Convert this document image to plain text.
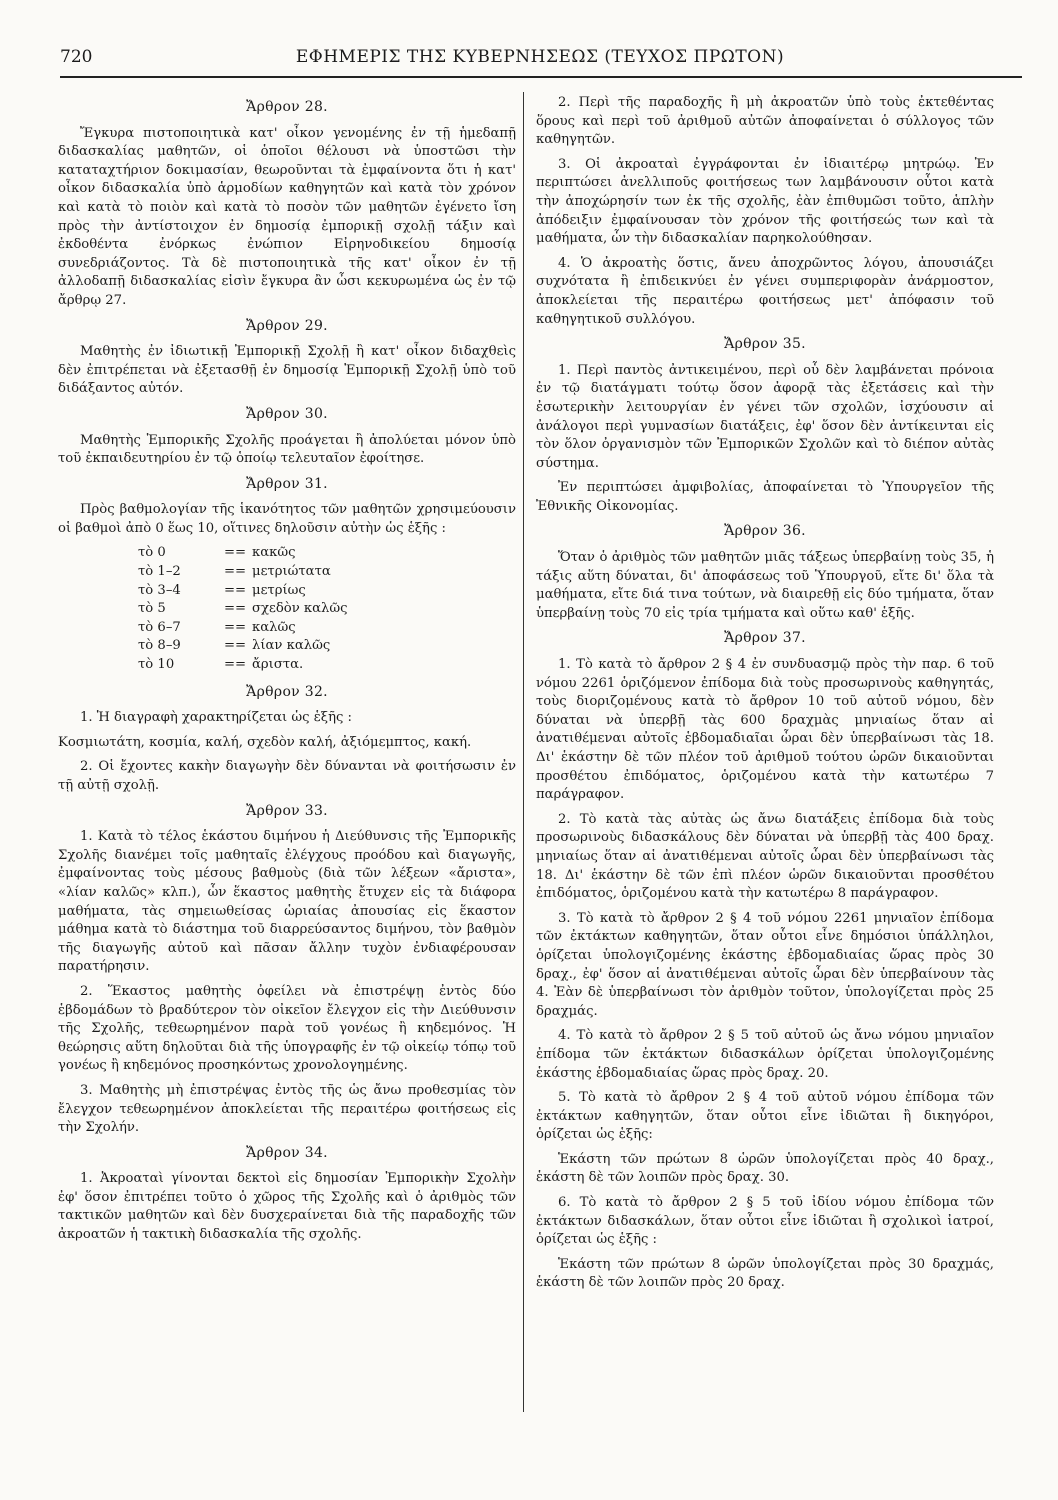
720	ΕΦΗΜΕΡΙΣ ΤΗΣ ΚΥΒΕΡΝΗΣΕΩΣ (ΤΕΥΧΟΣ ΠΡΩΤΟΝ)
Ἄρθρον 28.

Ἔγκυρα πιστοποιητικὰ κατ' οἶκον γενομένης ἐν τῇ ἡμεδαπῇ διδασκαλίας μαθητῶν, οἱ ὁποῖοι θέλουσι νὰ ὑποστῶσι τὴν καταταχτήριον δοκιμασίαν, θεωροῦνται τὰ ἐμφαίνοντα ὅτι ἡ κατ' οἶκον διδασκαλία ὑπὸ ἁρμοδίων καθηγητῶν καὶ κατὰ τὸν χρόνον καὶ κατὰ τὸ ποιὸν καὶ κατὰ τὸ ποσὸν τῶν μαθητῶν ἐγένετο ἴση πρὸς τὴν ἀντίστοιχον ἐν δημοσίᾳ ἐμπορικῇ σχολῇ τάξιν καὶ ἐκδοθέντα ἐνόρκως ἐνώπιον Εἰρηνοδικείου δημοσίᾳ συνεδριάζοντος. Τὰ δὲ πιστοποιητικὰ τῆς κατ' οἶκον ἐν τῇ ἀλλοδαπῇ διδασκαλίας εἰσὶν ἔγκυρα ἂν ὦσι κεκυρωμένα ὡς ἐν τῷ ἄρθρῳ 27.

Ἄρθρον 29.

Μαθητὴς ἐν ἰδιωτικῇ Ἐμπορικῇ Σχολῇ ἢ κατ' οἶκον διδαχθεὶς δὲν ἐπιτρέπεται νὰ ἐξετασθῇ ἐν δημοσίᾳ Ἐμπορικῇ Σχολῇ ὑπὸ τοῦ διδάξαντος αὐτόν.

Ἄρθρον 30.

Μαθητὴς Ἐμπορικῆς Σχολῆς προάγεται ἢ ἀπολύεται μόνον ὑπὸ τοῦ ἐκπαιδευτηρίου ἐν τῷ ὁποίῳ τελευταῖον ἐφοίτησε.

Ἄρθρον 31.

Πρὸς βαθμολογίαν τῆς ἱκανότητος τῶν μαθητῶν χρησιμεύουσιν οἱ βαθμοὶ ἀπὸ 0 ἕως 10, οἵτινες δηλοῦσιν αὐτὴν ὡς ἑξῆς :

τὸ 0	== κακῶς
τὸ 1–2	== μετριώτατα
τὸ 3–4	== μετρίως
τὸ 5	== σχεδὸν καλῶς
τὸ 6–7	== καλῶς
τὸ 8–9	== λίαν καλῶς
τὸ 10	== ἄριστα.
Ἄρθρον 32.

1. Ἡ διαγραφὴ χαρακτηρίζεται ὡς ἑξῆς :

Κοσμιωτάτη, κοσμία, καλή, σχεδὸν καλή, ἀξιόμεμπτος, κακή.

2. Οἱ ἔχοντες κακὴν διαγωγὴν δὲν δύνανται νὰ φοιτήσωσιν ἐν τῇ αὐτῇ σχολῇ.

Ἄρθρον 33.

1. Κατὰ τὸ τέλος ἑκάστου διμήνου ἡ Διεύθυνσις τῆς Ἐμπορικῆς Σχολῆς διανέμει τοῖς μαθηταῖς ἐλέγχους προόδου καὶ διαγωγῆς, ἐμφαίνοντας τοὺς μέσους βαθμοὺς (διὰ τῶν λέξεων «ἄριστα», «λίαν καλῶς» κλπ.), ὧν ἕκαστος μαθητὴς ἔτυχεν εἰς τὰ διάφορα μαθήματα, τὰς σημειωθείσας ὡριαίας ἀπουσίας εἰς ἕκαστον μάθημα κατὰ τὸ διάστημα τοῦ διαρρεύσαντος διμήνου, τὸν βαθμὸν τῆς διαγωγῆς αὐτοῦ καὶ πᾶσαν ἄλλην τυχὸν ἐνδιαφέρουσαν παρατήρησιν.

2. Ἕκαστος μαθητὴς ὀφείλει νὰ ἐπιστρέψῃ ἐντὸς δύο ἑβδομάδων τὸ βραδύτερον τὸν οἰκεῖον ἔλεγχον εἰς τὴν Διεύθυνσιν τῆς Σχολῆς, τεθεωρημένον παρὰ τοῦ γονέως ἢ κηδεμόνος. Ἡ θεώρησις αὕτη δηλοῦται διὰ τῆς ὑπογραφῆς ἐν τῷ οἰκείῳ τόπῳ τοῦ γονέως ἢ κηδεμόνος προσηκόντως χρονολογημένης.

3. Μαθητὴς μὴ ἐπιστρέψας ἐντὸς τῆς ὡς ἄνω προθεσμίας τὸν ἔλεγχον τεθεωρημένον ἀποκλείεται τῆς περαιτέρω φοιτήσεως εἰς τὴν Σχολήν.

Ἄρθρον 34.

1. Ἀκροαταὶ γίνονται δεκτοὶ εἰς δημοσίαν Ἐμπορικὴν Σχολὴν ἐφ' ὅσον ἐπιτρέπει τοῦτο ὁ χῶρος τῆς Σχολῆς καὶ ὁ ἀριθμὸς τῶν τακτικῶν μαθητῶν καὶ δὲν δυσχεραίνεται διὰ τῆς παραδοχῆς τῶν ἀκροατῶν ἡ τακτικὴ διδασκαλία τῆς σχολῆς.

2. Περὶ τῆς παραδοχῆς ἢ μὴ ἀκροατῶν ὑπὸ τοὺς ἐκτεθέντας ὅρους καὶ περὶ τοῦ ἀριθμοῦ αὐτῶν ἀποφαίνεται ὁ σύλλογος τῶν καθηγητῶν.

3. Οἱ ἀκροαταὶ ἐγγράφονται ἐν ἰδιαιτέρῳ μητρώῳ. Ἐν περιπτώσει ἀνελλιποῦς φοιτήσεως των λαμβάνουσιν οὗτοι κατὰ τὴν ἀποχώρησίν των ἐκ τῆς σχολῆς, ἐὰν ἐπιθυμῶσι τοῦτο, ἁπλὴν ἀπόδειξιν ἐμφαίνουσαν τὸν χρόνον τῆς φοιτήσεώς των καὶ τὰ μαθήματα, ὧν τὴν διδασκαλίαν παρηκολούθησαν.

4. Ὁ ἀκροατὴς ὅστις, ἄνευ ἀποχρῶντος λόγου, ἀπουσιάζει συχνότατα ἢ ἐπιδεικνύει ἐν γένει συμπεριφορὰν ἀνάρμοστον, ἀποκλείεται τῆς περαιτέρω φοιτήσεως μετ' ἀπόφασιν τοῦ καθηγητικοῦ συλλόγου.

Ἄρθρον 35.

1. Περὶ παντὸς ἀντικειμένου, περὶ οὗ δὲν λαμβάνεται πρόνοια ἐν τῷ διατάγματι τούτῳ ὅσον ἀφορᾷ τὰς ἐξετάσεις καὶ τὴν ἐσωτερικὴν λειτουργίαν ἐν γένει τῶν σχολῶν, ἰσχύουσιν αἱ ἀνάλογοι περὶ γυμνασίων διατάξεις, ἐφ' ὅσον δὲν ἀντίκεινται εἰς τὸν ὅλον ὀργανισμὸν τῶν Ἐμπορικῶν Σχολῶν καὶ τὸ διέπον αὐτὰς σύστημα.

Ἐν περιπτώσει ἀμφιβολίας, ἀποφαίνεται τὸ Ὑπουργεῖον τῆς Ἐθνικῆς Οἰκονομίας.

Ἄρθρον 36.

Ὅταν ὁ ἀριθμὸς τῶν μαθητῶν μιᾶς τάξεως ὑπερβαίνῃ τοὺς 35, ἡ τάξις αὕτη δύναται, δι' ἀποφάσεως τοῦ Ὑπουργοῦ, εἴτε δι' ὅλα τὰ μαθήματα, εἴτε διά τινα τούτων, νὰ διαιρεθῇ εἰς δύο τμήματα, ὅταν ὑπερβαίνῃ τοὺς 70 εἰς τρία τμήματα καὶ οὕτω καθ' ἑξῆς.

Ἄρθρον 37.

1. Τὸ κατὰ τὸ ἄρθρον 2 § 4 ἐν συνδυασμῷ πρὸς τὴν παρ. 6 τοῦ νόμου 2261 ὁριζόμενον ἐπίδομα διὰ τοὺς προσωρινοὺς καθηγητάς, τοὺς διοριζομένους κατὰ τὸ ἄρθρον 10 τοῦ αὐτοῦ νόμου, δὲν δύναται νὰ ὑπερβῇ τὰς 600 δραχμὰς μηνιαίως ὅταν αἱ ἀνατιθέμεναι αὐτοῖς ἑβδομαδιαῖαι ὧραι δὲν ὑπερβαίνωσι τὰς 18. Δι' ἑκάστην δὲ τῶν πλέον τοῦ ἀριθμοῦ τούτου ὡρῶν δικαιοῦνται προσθέτου ἐπιδόματος, ὁριζομένου κατὰ τὴν κατωτέρω 7 παράγραφον.

2. Τὸ κατὰ τὰς αὐτὰς ὡς ἄνω διατάξεις ἐπίδομα διὰ τοὺς προσωρινοὺς διδασκάλους δὲν δύναται νὰ ὑπερβῇ τὰς 400 δραχ. μηνιαίως ὅταν αἱ ἀνατιθέμεναι αὐτοῖς ὧραι δὲν ὑπερβαίνωσι τὰς 18. Δι' ἑκάστην δὲ τῶν ἐπὶ πλέον ὡρῶν δικαιοῦνται προσθέτου ἐπιδόματος, ὁριζομένου κατὰ τὴν κατωτέρω 8 παράγραφον.

3. Τὸ κατὰ τὸ ἄρθρον 2 § 4 τοῦ νόμου 2261 μηνιαῖον ἐπίδομα τῶν ἐκτάκτων καθηγητῶν, ὅταν οὗτοι εἶνε δημόσιοι ὑπάλληλοι, ὁρίζεται ὑπολογιζομένης ἑκάστης ἑβδομαδιαίας ὥρας πρὸς 30 δραχ., ἐφ' ὅσον αἱ ἀνατιθέμεναι αὐτοῖς ὧραι δὲν ὑπερβαίνουν τὰς 4. Ἐὰν δὲ ὑπερβαίνωσι τὸν ἀριθμὸν τοῦτον, ὑπολογίζεται πρὸς 25 δραχμάς.

4. Τὸ κατὰ τὸ ἄρθρον 2 § 5 τοῦ αὐτοῦ ὡς ἄνω νόμου μηνιαῖον ἐπίδομα τῶν ἐκτάκτων διδασκάλων ὁρίζεται ὑπολογιζομένης ἑκάστης ἑβδομαδιαίας ὥρας πρὸς δραχ. 20.

5. Τὸ κατὰ τὸ ἄρθρον 2 § 4 τοῦ αὐτοῦ νόμου ἐπίδομα τῶν ἐκτάκτων καθηγητῶν, ὅταν οὗτοι εἶνε ἰδιῶται ἢ δικηγόροι, ὁρίζεται ὡς ἑξῆς:

Ἑκάστη τῶν πρώτων 8 ὡρῶν ὑπολογίζεται πρὸς 40 δραχ., ἑκάστη δὲ τῶν λοιπῶν πρὸς δραχ. 30.

6. Τὸ κατὰ τὸ ἄρθρον 2 § 5 τοῦ ἰδίου νόμου ἐπίδομα τῶν ἐκτάκτων διδασκάλων, ὅταν οὗτοι εἶνε ἰδιῶται ἢ σχολικοὶ ἰατροί, ὁρίζεται ὡς ἑξῆς :

Ἑκάστη τῶν πρώτων 8 ὡρῶν ὑπολογίζεται πρὸς 30 δραχμάς, ἑκάστη δὲ τῶν λοιπῶν πρὸς 20 δραχ.
